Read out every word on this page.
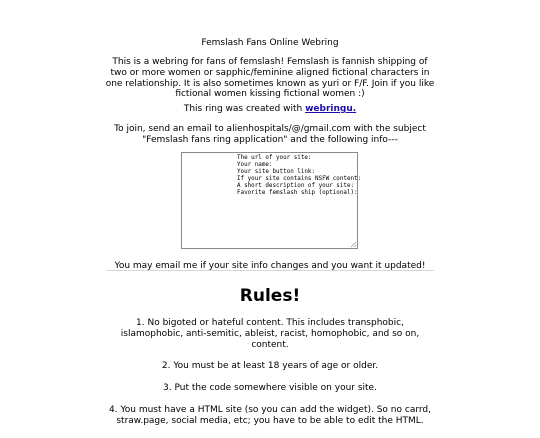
Femslash Fans Online Webring

This is a webring for fans of femslash! Femslash is fannish shipping of two or more women or sapphic/feminine aligned fictional characters in one relationship. It is also sometimes known as yuri or F/F. Join if you like fictional women kissing fictional women :)

This ring was created with webringu.

To join, send an email to alienhospitals/@/gmail.com with the subject "Femslash fans ring application" and the following info---

The url of your site:
Your name:
Your site button link:
If your site contains NSFW content:
A short description of your site:
Favorite femslash ship (optional):

You may email me if your site info changes and you want it updated!

Rules!

1. No bigoted or hateful content. This includes transphobic, islamophobic, anti-semitic, ableist, racist, homophobic, and so on, content.

2. You must be at least 18 years of age or older.

3. Put the code somewhere visible on your site.

4. You must have a HTML site (so you can add the widget). So no carrd, straw.page, social media, etc; you have to be able to edit the HTML.
